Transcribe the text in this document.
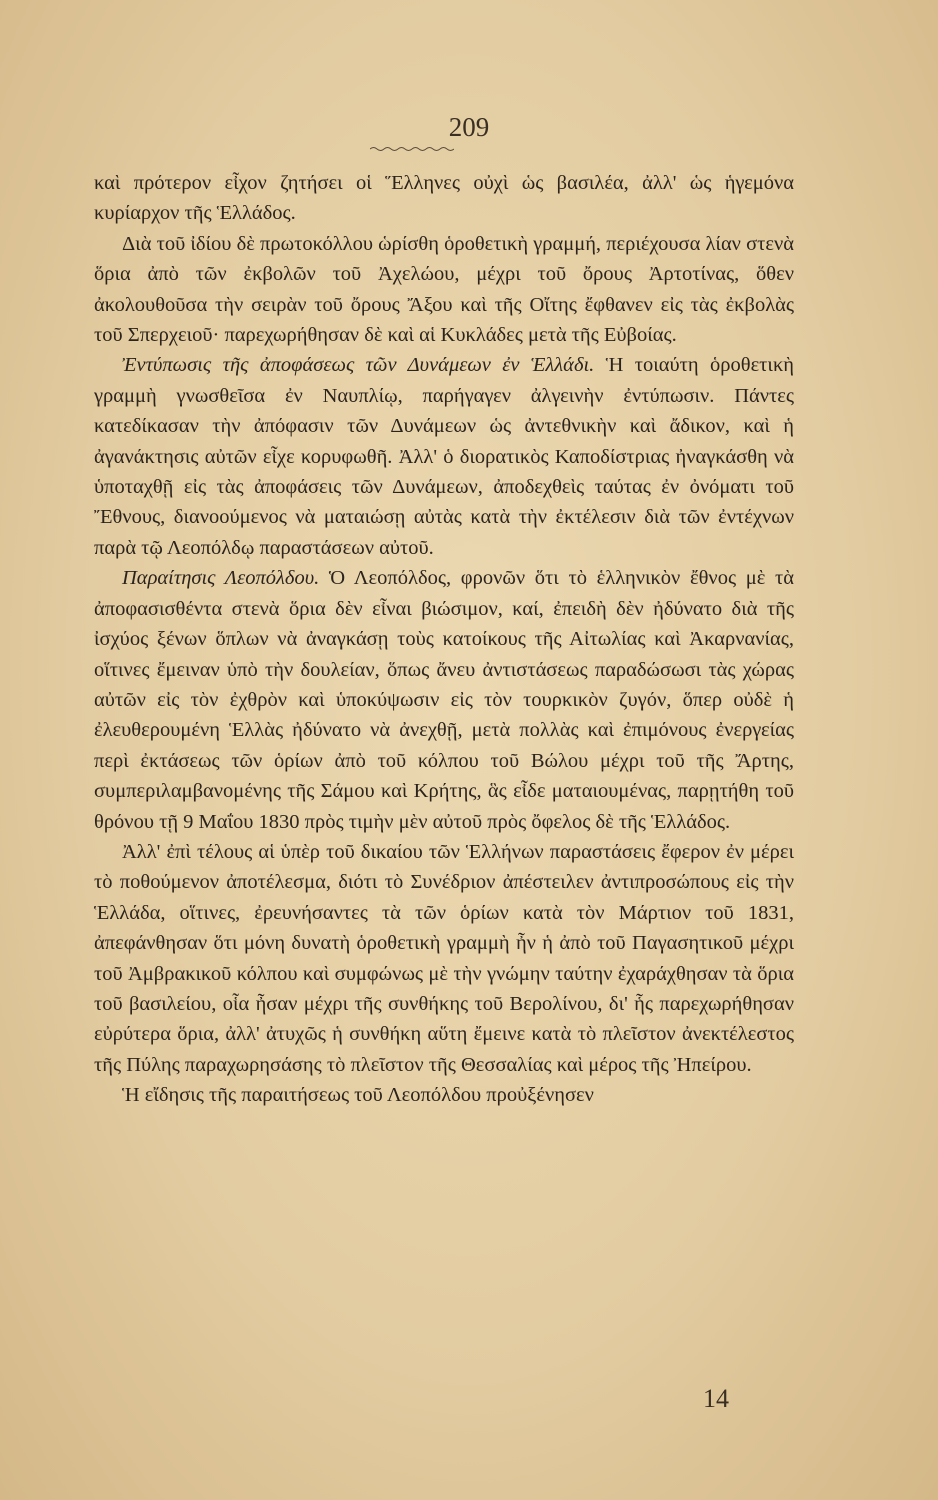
209

καὶ πρότερον εἶχον ζητήσει οἱ Ἕλληνες οὐχὶ ὡς βασιλέα, ἀλλ' ὡς ἡγεμόνα κυρίαρχον τῆς Ἑλλάδος.

Διὰ τοῦ ἰδίου δὲ πρωτοκόλλου ὡρίσθη ὁροθετικὴ γραμμή, περιέχουσα λίαν στενὰ ὅρια ἀπὸ τῶν ἐκβολῶν τοῦ Ἀχελώου, μέχρι τοῦ ὄρους Ἀρτοτίνας, ὅθεν ἀκολουθοῦσα τὴν σειρὰν τοῦ ὄρους Ἄξου καὶ τῆς Οἴτης ἔφθανεν εἰς τὰς ἐκβολὰς τοῦ Σπερχειοῦ· παρεχωρήθησαν δὲ καὶ αἱ Κυκλάδες μετὰ τῆς Εὐβοίας.

Ἐντύπωσις τῆς ἀποφάσεως τῶν Δυνάμεων ἐν Ἑλλάδι. Ἡ τοιαύτη ὁροθετικὴ γραμμὴ γνωσθεῖσα ἐν Ναυπλίῳ, παρήγαγεν ἀλγεινὴν ἐντύπωσιν. Πάντες κατεδίκασαν τὴν ἀπόφασιν τῶν Δυνάμεων ὡς ἀντεθνικὴν καὶ ἄδικον, καὶ ἡ ἀγανάκτησις αὐτῶν εἶχε κορυφωθῆ. Ἀλλ' ὁ διορατικὸς Καποδίστριας ἠναγκάσθη νὰ ὑποταχθῇ εἰς τὰς ἀποφάσεις τῶν Δυνάμεων, ἀποδεχθεὶς ταύτας ἐν ὀνόματι τοῦ Ἔθνους, διανοούμενος νὰ ματαιώσῃ αὐτὰς κατὰ τὴν ἐκτέλεσιν διὰ τῶν ἐντέχνων παρὰ τῷ Λεοπόλδῳ παραστάσεων αὐτοῦ.

Παραίτησις Λεοπόλδου. Ὁ Λεοπόλδος, φρονῶν ὅτι τὸ ἑλληνικὸν ἔθνος μὲ τὰ ἀποφασισθέντα στενὰ ὅρια δὲν εἶναι βιώσιμον, καί, ἐπειδὴ δὲν ἠδύνατο διὰ τῆς ἰσχύος ξένων ὅπλων νὰ ἀναγκάσῃ τοὺς κατοίκους τῆς Αἰτωλίας καὶ Ἀκαρνανίας, οἵτινες ἔμειναν ὑπὸ τὴν δουλείαν, ὅπως ἄνευ ἀντιστάσεως παραδώσωσι τὰς χώρας αὐτῶν εἰς τὸν ἐχθρὸν καὶ ὑποκύψωσιν εἰς τὸν τουρκικὸν ζυγόν, ὅπερ οὐδὲ ἡ ἐλευθερουμένη Ἑλλὰς ἠδύνατο νὰ ἀνεχθῇ, μετὰ πολλὰς καὶ ἐπιμόνους ἐνεργείας περὶ ἐκτάσεως τῶν ὁρίων ἀπὸ τοῦ κόλπου τοῦ Βώλου μέχρι τοῦ τῆς Ἄρτης, συμπεριλαμβανομένης τῆς Σάμου καὶ Κρήτης, ἃς εἶδε ματαιουμένας, παρῃτήθη τοῦ θρόνου τῇ 9 Μαΐου 1830 πρὸς τιμὴν μὲν αὐτοῦ πρὸς ὄφελος δὲ τῆς Ἑλλάδος.

Ἀλλ' ἐπὶ τέλους αἱ ὑπὲρ τοῦ δικαίου τῶν Ἑλλήνων παραστάσεις ἔφερον ἐν μέρει τὸ ποθούμενον ἀποτέλεσμα, διότι τὸ Συνέδριον ἀπέστειλεν ἀντιπροσώπους εἰς τὴν Ἑλλάδα, οἵτινες, ἐρευνήσαντες τὰ τῶν ὁρίων κατὰ τὸν Μάρτιον τοῦ 1831, ἀπεφάνθησαν ὅτι μόνη δυνατὴ ὁροθετικὴ γραμμὴ ἦν ἡ ἀπὸ τοῦ Παγασητικοῦ μέχρι τοῦ Ἀμβρακικοῦ κόλπου καὶ συμφώνως μὲ τὴν γνώμην ταύτην ἐχαράχθησαν τὰ ὅρια τοῦ βασιλείου, οἷα ἦσαν μέχρι τῆς συνθήκης τοῦ Βερολίνου, δι' ἧς παρεχωρήθησαν εὐρύτερα ὅρια, ἀλλ' ἀτυχῶς ἡ συνθήκη αὕτη ἔμεινε κατὰ τὸ πλεῖστον ἀνεκτέλεστος τῆς Πύλης παραχωρησάσης τὸ πλεῖστον τῆς Θεσσαλίας καὶ μέρος τῆς Ἠπείρου.

Ἡ εἴδησις τῆς παραιτήσεως τοῦ Λεοπόλδου προὐξένησεν

14
